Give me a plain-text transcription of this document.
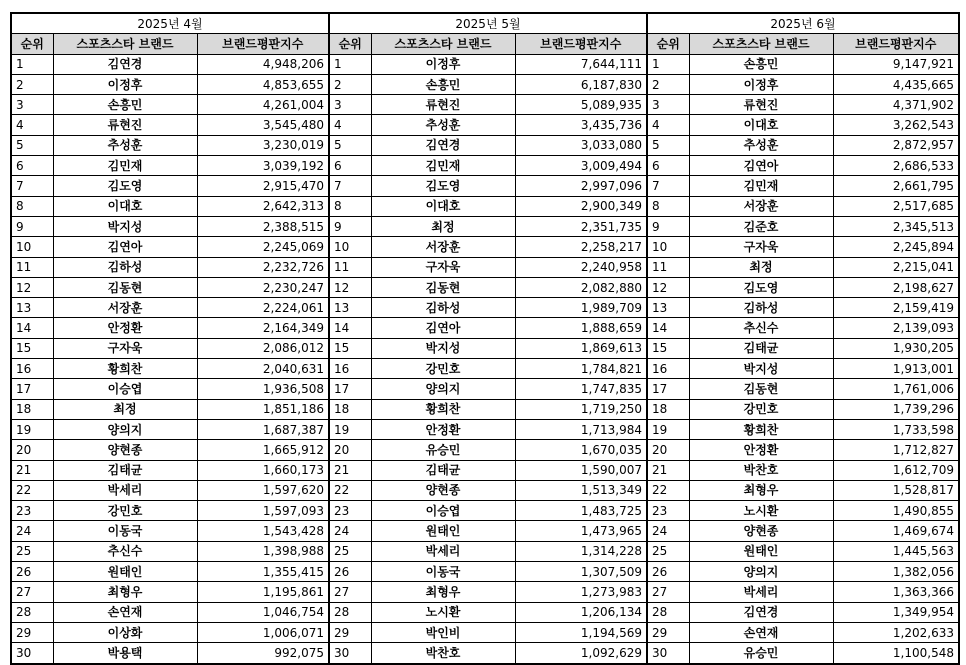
2025년 4월			2025년 5월			2025년 6월		
순위	스포츠스타 브랜드	브랜드평판지수	순위	스포츠스타 브랜드	브랜드평판지수	순위	스포츠스타 브랜드	브랜드평판지수
1	김연경	4,948,206	1	이정후	7,644,111	1	손흥민	9,147,921
2	이정후	4,853,655	2	손흥민	6,187,830	2	이정후	4,435,665
3	손흥민	4,261,004	3	류현진	5,089,935	3	류현진	4,371,902
4	류현진	3,545,480	4	추성훈	3,435,736	4	이대호	3,262,543
5	추성훈	3,230,019	5	김연경	3,033,080	5	추성훈	2,872,957
6	김민재	3,039,192	6	김민재	3,009,494	6	김연아	2,686,533
7	김도영	2,915,470	7	김도영	2,997,096	7	김민재	2,661,795
8	이대호	2,642,313	8	이대호	2,900,349	8	서장훈	2,517,685
9	박지성	2,388,515	9	최정	2,351,735	9	김준호	2,345,513
10	김연아	2,245,069	10	서장훈	2,258,217	10	구자욱	2,245,894
11	김하성	2,232,726	11	구자욱	2,240,958	11	최정	2,215,041
12	김동현	2,230,247	12	김동현	2,082,880	12	김도영	2,198,627
13	서장훈	2,224,061	13	김하성	1,989,709	13	김하성	2,159,419
14	안정환	2,164,349	14	김연아	1,888,659	14	추신수	2,139,093
15	구자욱	2,086,012	15	박지성	1,869,613	15	김태균	1,930,205
16	황희찬	2,040,631	16	강민호	1,784,821	16	박지성	1,913,001
17	이승엽	1,936,508	17	양의지	1,747,835	17	김동현	1,761,006
18	최정	1,851,186	18	황희찬	1,719,250	18	강민호	1,739,296
19	양의지	1,687,387	19	안정환	1,713,984	19	황희찬	1,733,598
20	양현종	1,665,912	20	유승민	1,670,035	20	안정환	1,712,827
21	김태균	1,660,173	21	김태균	1,590,007	21	박찬호	1,612,709
22	박세리	1,597,620	22	양현종	1,513,349	22	최형우	1,528,817
23	강민호	1,597,093	23	이승엽	1,483,725	23	노시환	1,490,855
24	이동국	1,543,428	24	원태인	1,473,965	24	양현종	1,469,674
25	추신수	1,398,988	25	박세리	1,314,228	25	원태인	1,445,563
26	원태인	1,355,415	26	이동국	1,307,509	26	양의지	1,382,056
27	최형우	1,195,861	27	최형우	1,273,983	27	박세리	1,363,366
28	손연재	1,046,754	28	노시환	1,206,134	28	김연경	1,349,954
29	이상화	1,006,071	29	박인비	1,194,569	29	손연재	1,202,633
30	박용택	992,075	30	박찬호	1,092,629	30	유승민	1,100,548
